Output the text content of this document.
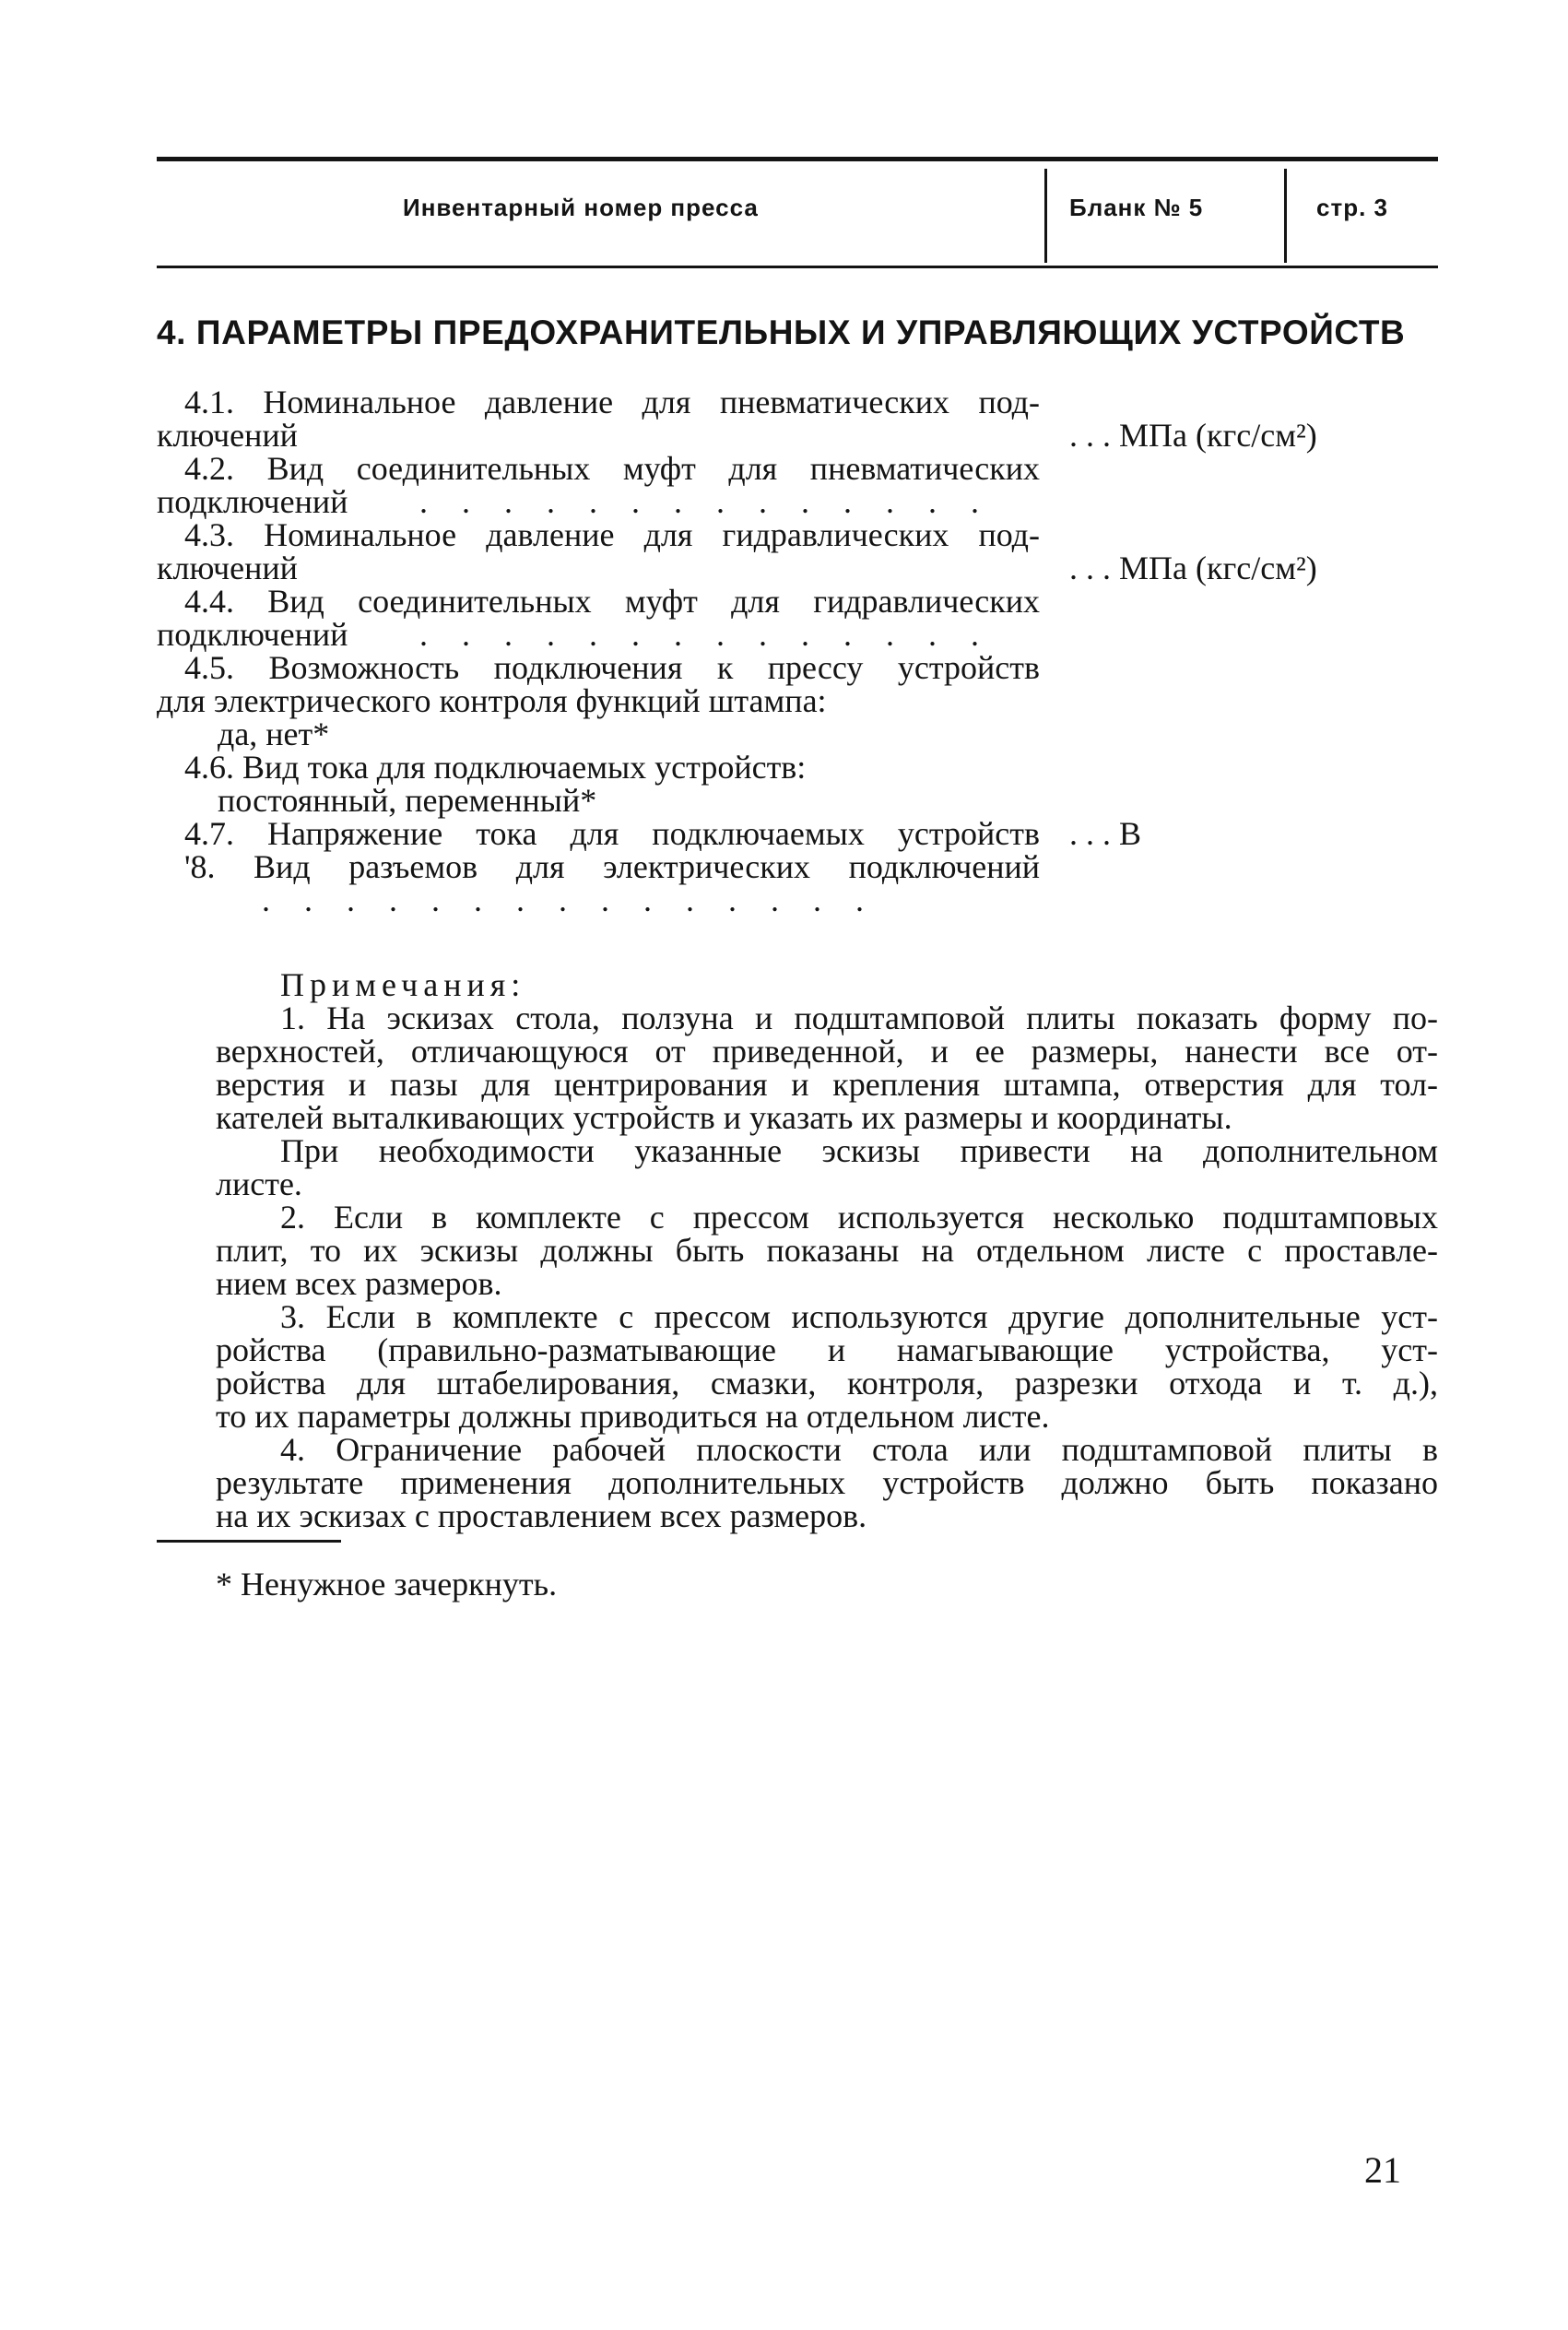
Инвентарный номер пресса	Бланк № 5	стр. 3
4. ПАРАМЕТРЫ ПРЕДОХРАНИТЕЛЬНЫХ И УПРАВЛЯЮЩИХ УСТРОЙСТВ
4.1. Номинальное давление для пневматических под-
ключений	. . . МПа (кгс/см²)
4.2. Вид соединительных муфт для пневматических
подключений . . . . . . . . . . . . . .
4.3. Номинальное давление для гидравлических под-
ключений	. . . МПа (кгс/см²)
4.4. Вид соединительных муфт для гидравлических
подключений . . . . . . . . . . . . . .
4.5. Возможность подключения к прессу устройств
для электрического контроля функций штампа:
да, нет*
4.6. Вид тока для подключаемых устройств:
постоянный, переменный*
4.7. Напряжение тока для подключаемых устройств . . . В
'8. Вид разъемов для электрических подключений
. . . . . . . . . . . . . . .
Примечания:
1. На эскизах стола, ползуна и подштамповой плиты показать форму по-
верхностей, отличающуюся от приведенной, и ее размеры, нанести все от-
верстия и пазы для центрирования и крепления штампа, отверстия для тол-
кателей выталкивающих устройств и указать их размеры и координаты.
При необходимости указанные эскизы привести на дополнительном
листе.
2. Если в комплекте с прессом используется несколько подштамповых
плит, то их эскизы должны быть показаны на отдельном листе с проставле-
нием всех размеров.
3. Если в комплекте с прессом используются другие дополнительные уст-
ройства (правильно-разматывающие и намагывающие устройства, уст-
ройства для штабелирования, смазки, контроля, разрезки отхода и т. д.),
то их параметры должны приводиться на отдельном листе.
4. Ограничение рабочей плоскости стола или подштамповой плиты в
результате применения дополнительных устройств должно быть показано
на их эскизах с проставлением всех размеров.
* Ненужное зачеркнуть.
21
